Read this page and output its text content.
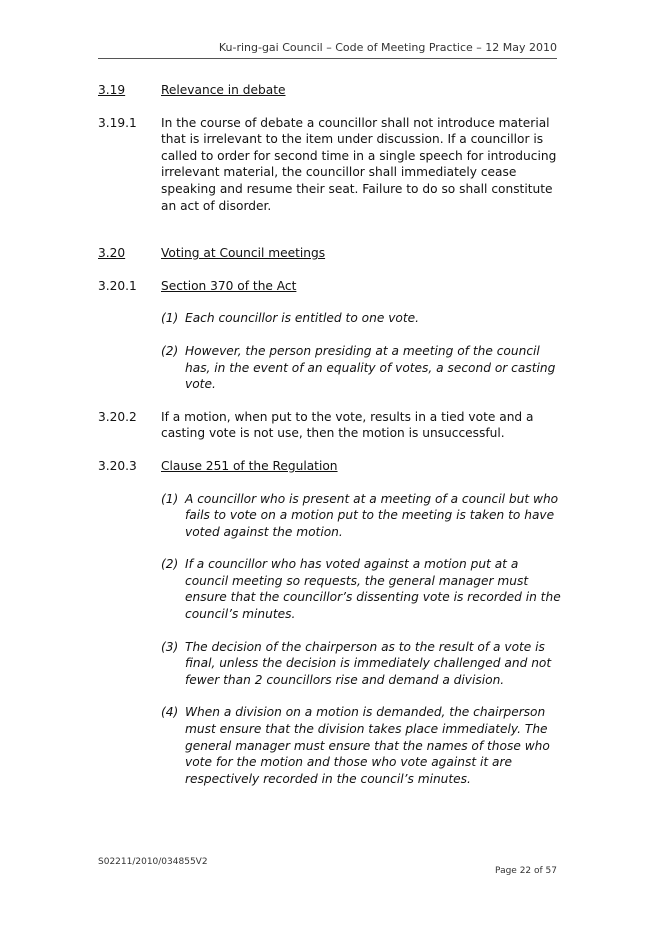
Ku-ring-gai Council – Code of Meeting Practice – 12 May 2010
3.19	Relevance in debate
3.19.1	In the course of debate a councillor shall not introduce material that is irrelevant to the item under discussion. If a councillor is called to order for second time in a single speech for introducing irrelevant material, the councillor shall immediately cease speaking and resume their seat. Failure to do so shall constitute an act of disorder.
3.20	Voting at Council meetings
3.20.1	Section 370 of the Act
(1) Each councillor is entitled to one vote.
(2) However, the person presiding at a meeting of the council has, in the event of an equality of votes, a second or casting vote.
3.20.2	If a motion, when put to the vote, results in a tied vote and a casting vote is not use, then the motion is unsuccessful.
3.20.3	Clause 251 of the Regulation
(1) A councillor who is present at a meeting of a council but who fails to vote on a motion put to the meeting is taken to have voted against the motion.
(2) If a councillor who has voted against a motion put at a council meeting so requests, the general manager must ensure that the councillor’s dissenting vote is recorded in the council’s minutes.
(3) The decision of the chairperson as to the result of a vote is final, unless the decision is immediately challenged and not fewer than 2 councillors rise and demand a division.
(4) When a division on a motion is demanded, the chairperson must ensure that the division takes place immediately. The general manager must ensure that the names of those who vote for the motion and those who vote against it are respectively recorded in the council’s minutes.
S02211/2010/034855V2
Page 22 of 57
